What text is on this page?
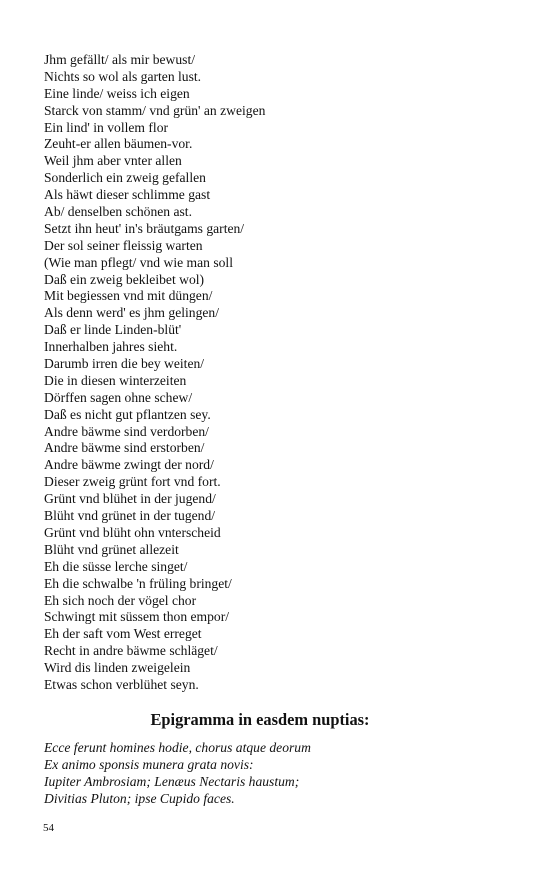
Jhm gefällt/ als mir bewust/
Nichts so wol als garten lust.
Eine linde/ weiss ich eigen
Starck von stamm/ vnd grün' an zweigen
Ein lind' in vollem flor
Zeuht-er allen bäumen-vor.
Weil jhm aber vnter allen
Sonderlich ein zweig gefallen
Als häwt dieser schlimme gast
Ab/ denselben schönen ast.
Setzt ihn heut' in's bräutgams garten/
Der sol seiner fleissig warten
(Wie man pflegt/ vnd wie man soll
Daß ein zweig bekleibet wol)
Mit begiessen vnd mit düngen/
Als denn werd' es jhm gelingen/
Daß er linde Linden-blüt'
Innerhalben jahres sieht.
Darumb irren die bey weiten/
Die in diesen winterzeiten
Dörffen sagen ohne schew/
Daß es nicht gut pflantzen sey.
Andre bäwme sind verdorben/
Andre bäwme sind erstorben/
Andre bäwme zwingt der nord/
Dieser zweig grünt fort vnd fort.
Grünt vnd blühet in der jugend/
Blüht vnd grünet in der tugend/
Grünt vnd blüht ohn vnterscheid
Blüht vnd grünet allezeit
Eh die süsse lerche singet/
Eh die schwalbe 'n früling bringet/
Eh sich noch der vögel chor
Schwingt mit süssem thon empor/
Eh der saft vom West erreget
Recht in andre bäwme schläget/
Wird dis linden zweigelein
Etwas schon verblühet seyn.
Epigramma in easdem nuptias:
Ecce ferunt homines hodie, chorus atque deorum
Ex animo sponsis munera grata novis:
Iupiter Ambrosiam; Lenæus Nectaris haustum;
Divitias Pluton; ipse Cupido faces.
54
